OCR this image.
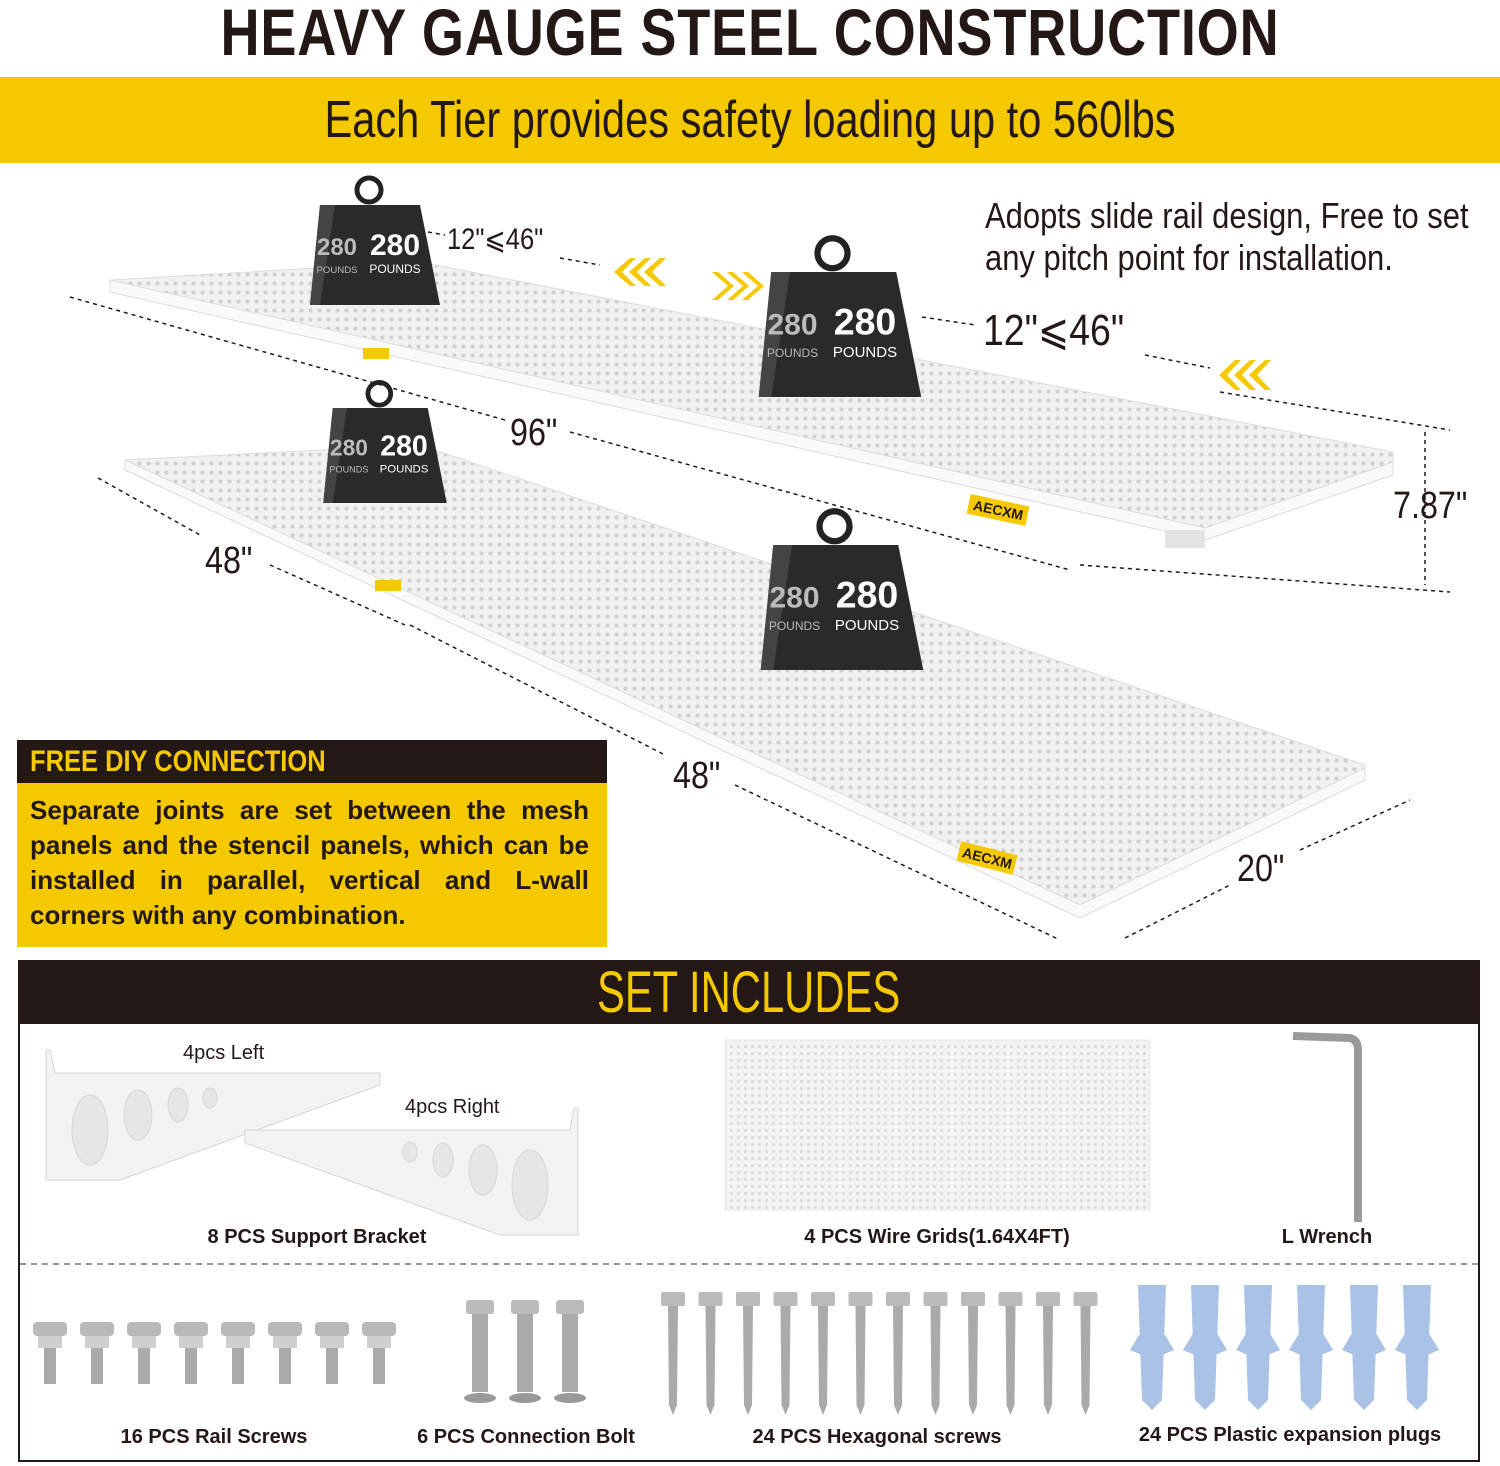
HEAVY GAUGE STEEL CONSTRUCTION
Each Tier provides safety loading up to 560lbs
AECXM
AECXM
280
POUNDS
280
POUNDS
280
POUNDS
280
POUNDS
280
POUNDS
280
POUNDS
280
POUNDS
280
POUNDS
12"⩽46"
12"⩽46"
96"
7.87"
48"
48"
20"
Adopts slide rail design, Free to set
any pitch point for installation.
FREE DIY CONNECTION
Separate joints are set between the mesh panels and the stencil panels, which can be installed in parallel, vertical and L-wall corners with any combination.
SET INCLUDES
4pcs Left
4pcs Right
8 PCS Support Bracket	4 PCS Wire Grids(1.64X4FT)	L Wrench
16 PCS Rail Screws	6 PCS Connection Bolt	24 PCS Hexagonal screws	24 PCS Plastic expansion plugs
